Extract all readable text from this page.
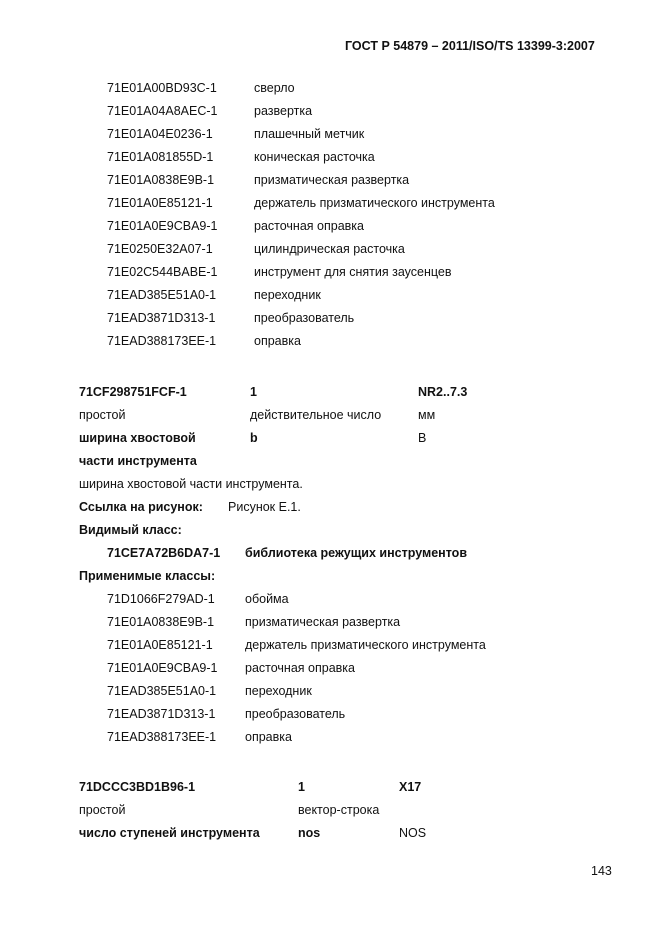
ГОСТ Р 54879 – 2011/ISO/TS 13399-3:2007
71E01A00BD93C-1	сверло
71E01A04A8AEC-1	развертка
71E01A04E0236-1	плашечный метчик
71E01A081855D-1	коническая расточка
71E01A0838E9B-1	призматическая развертка
71E01A0E85121-1	держатель призматического инструмента
71E01A0E9CBA9-1	расточная оправка
71E0250E32A07-1	цилиндрическая расточка
71E02C544BABE-1	инструмент для снятия заусенцев
71EAD385E51A0-1	переходник
71EAD3871D313-1	преобразователь
71EAD388173EE-1	оправка
71CF298751FCF-1	1	NR2..7.3
простой	действительное число	мм
ширина хвостовой	b	B
части инструмента
ширина хвостовой части инструмента.
Ссылка на рисунок: Рисунок Е.1.
Видимый класс:
71CE7A72B6DA7-1 библиотека режущих инструментов
Применимые классы:
71D1066F279AD-1 обойма
71E01A0838E9B-1 призматическая развертка
71E01A0E85121-1	держатель призматического инструмента
71E01A0E9CBA9-1 расточная оправка
71EAD385E51A0-1 переходник
71EAD3871D313-1 преобразователь
71EAD388173EE-1 оправка
71DCCC3BD1B96-1	1	X17
простой	вектор-строка
число ступеней инструмента	nos	NOS
143
